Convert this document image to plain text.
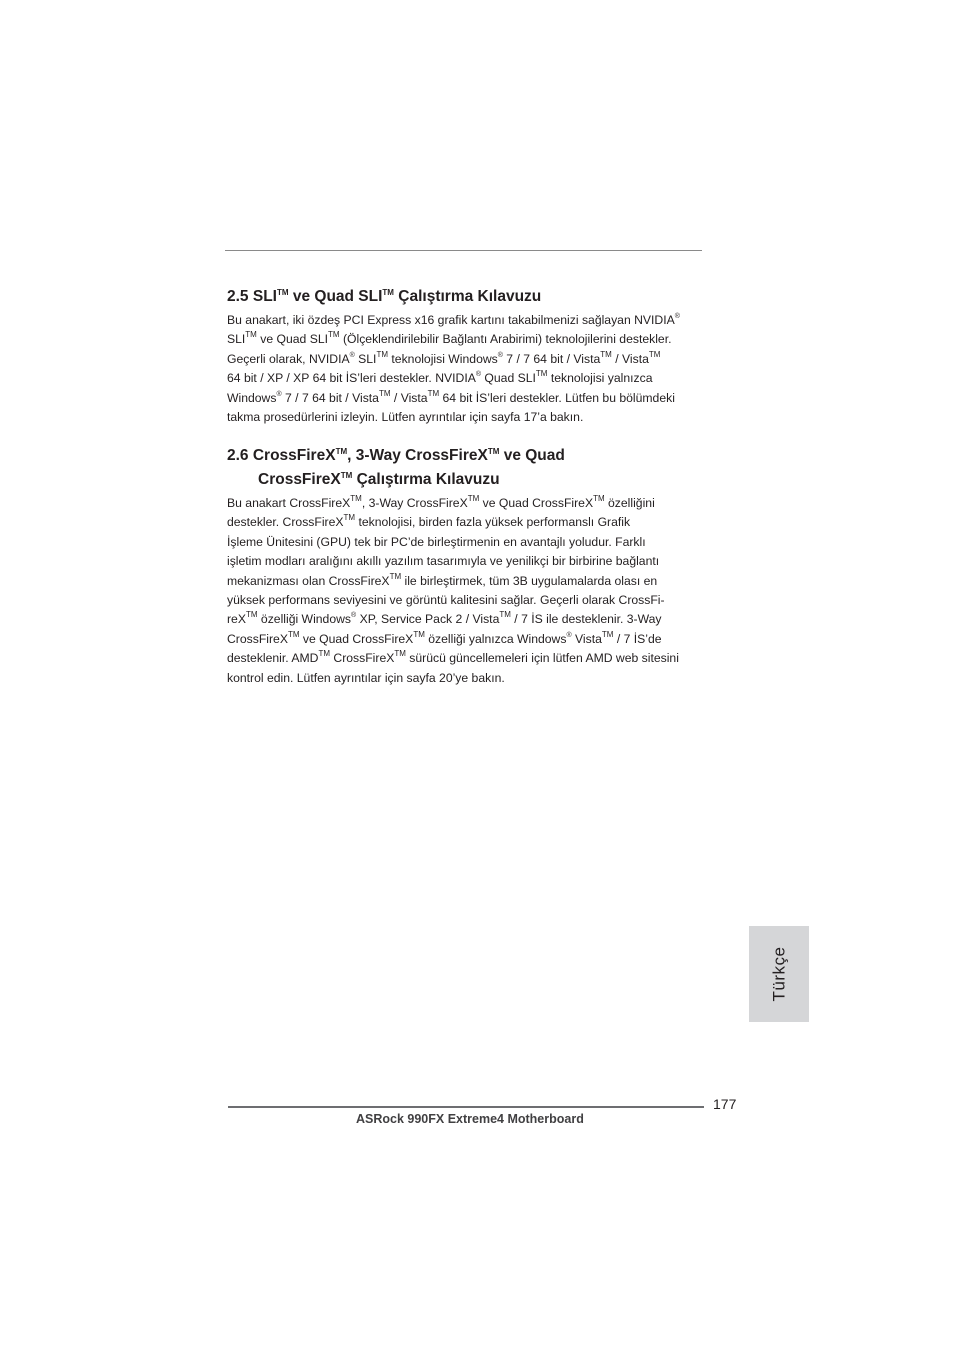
2.5 SLI™ ve Quad SLI™ Çalıştırma Kılavuzu
Bu anakart, iki özdeş PCI Express x16 grafik kartını takabilmenizi sağlayan NVIDIA®
SLI™ ve Quad SLI™ (Ölçeklendirilebilir Bağlantı Arabirimi) teknolojilerini destekler.
Geçerli olarak, NVIDIA® SLI™ teknolojisi Windows® 7 / 7 64 bit / Vista™ / Vista™
64 bit / XP / XP 64 bit İS’leri destekler. NVIDIA® Quad SLI™ teknolojisi yalnızca
Windows® 7 / 7 64 bit / Vista™ / Vista™ 64 bit İS’leri destekler. Lütfen bu bölümdeki
takma prosedürlerini izleyin. Lütfen ayrıntılar için sayfa 17’a bakın.
2.6 CrossFireX™, 3-Way CrossFireX™ ve Quad
CrossFireX™ Çalıştırma Kılavuzu
Bu anakart CrossFireX™, 3-Way CrossFireX™ ve Quad CrossFireX™ özelliğini
destekler. CrossFireX™ teknolojisi, birden fazla yüksek performanslı Grafik
İşleme Ünitesini (GPU) tek bir PC’de birleştirmenin en avantajlı yoludur. Farklı
işletim modları aralığını akıllı yazılım tasarımıyla ve yenilikçi bir birbirine bağlantı
mekanizması olan CrossFireX™ ile birleştirmek, tüm 3B uygulamalarda olası en
yüksek performans seviyesini ve görüntü kalitesini sağlar. Geçerli olarak CrossFi-
reX™ özelliği Windows® XP, Service Pack 2 / Vista™ / 7 İS ile desteklenir. 3-Way
CrossFireX™ ve Quad CrossFireX™ özelliği yalnızca Windows® Vista™ / 7 İS’de
desteklenir. AMD™ CrossFireX™ sürücü güncellemeleri için lütfen AMD web sitesini
kontrol edin. Lütfen ayrıntılar için sayfa 20’ye bakın.
Türkçe
177
ASRock 990FX Extreme4 Motherboard
